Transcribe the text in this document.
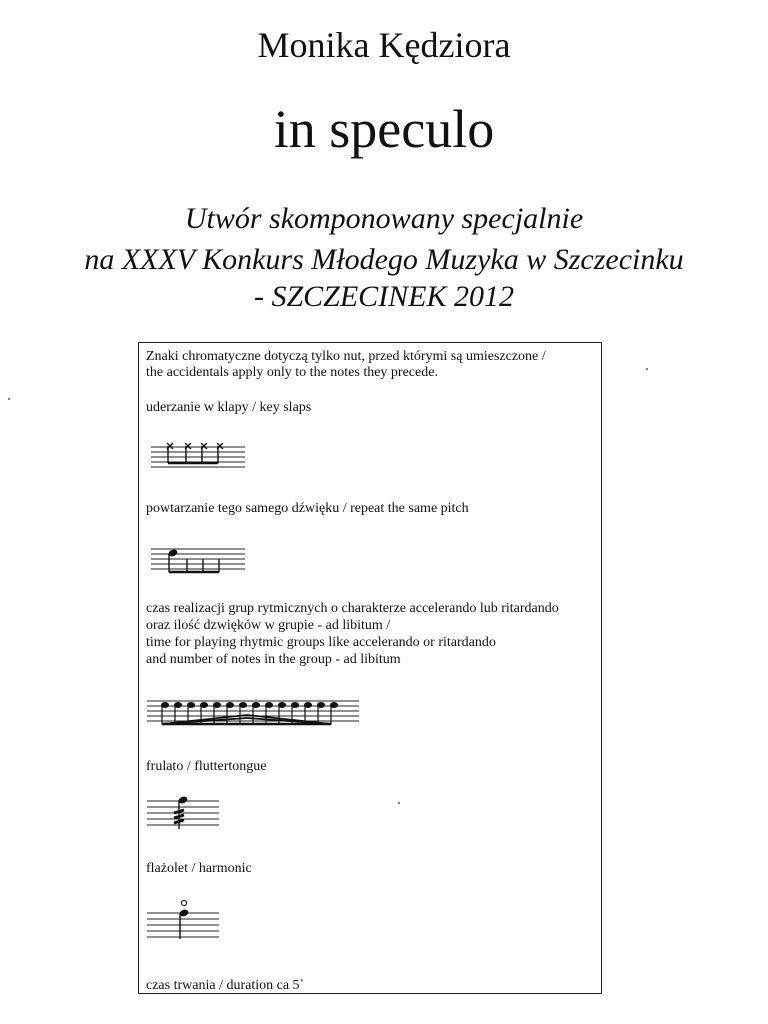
Monika Kędziora
in speculo
Utwór skomponowany specjalnie
na XXXV Konkurs Młodego Muzyka w Szczecinku
- SZCZECINEK 2012
Znaki chromatyczne dotyczą tylko nut, przed którymi są umieszczone /
the accidentals apply only to the notes they precede.
uderzanie w klapy / key slaps
powtarzanie tego samego dźwięku / repeat the same pitch
czas realizacji grup rytmicznych o charakterze accelerando lub ritardando
oraz ilość dzwięków w grupie - ad libitum /
time for playing rhytmic groups like accelerando or ritardando
and number of notes in the group - ad libitum
frulato / fluttertongue
flażolet / harmonic
czas trwania / duration ca 5`
